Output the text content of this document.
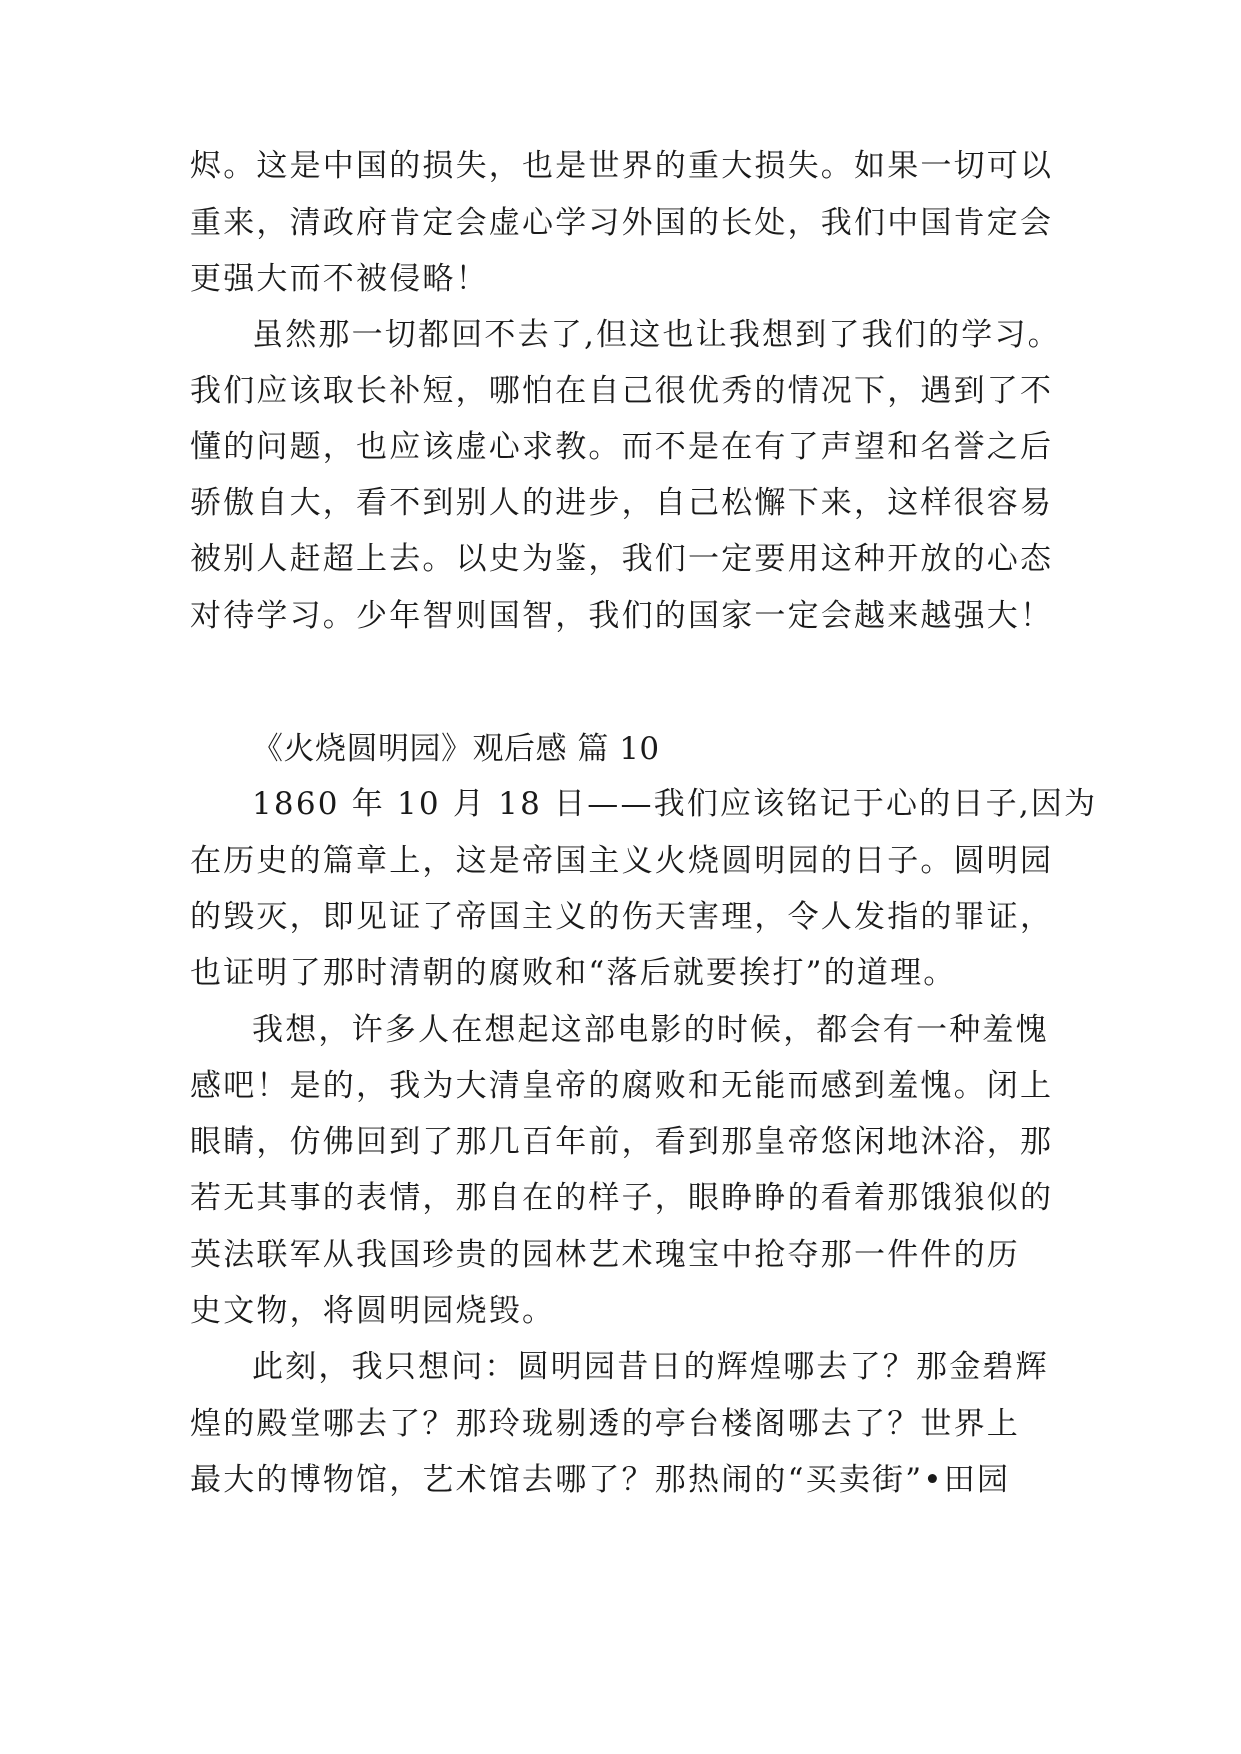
烬。这是中国的损失，也是世界的重大损失。如果一切可以
重来，清政府肯定会虚心学习外国的长处，我们中国肯定会
更强大而不被侵略！
虽然那一切都回不去了,但这也让我想到了我们的学习。
我们应该取长补短，哪怕在自己很优秀的情况下，遇到了不
懂的问题，也应该虚心求教。而不是在有了声望和名誉之后
骄傲自大，看不到别人的进步，自己松懈下来，这样很容易
被别人赶超上去。以史为鉴，我们一定要用这种开放的心态
对待学习。少年智则国智，我们的国家一定会越来越强大！
《火烧圆明园》观后感 篇 10
1860 年 10 月 18 日——我们应该铭记于心的日子,因为
在历史的篇章上，这是帝国主义火烧圆明园的日子。圆明园
的毁灭，即见证了帝国主义的伤天害理，令人发指的罪证，
也证明了那时清朝的腐败和“落后就要挨打”的道理。
我想，许多人在想起这部电影的时候，都会有一种羞愧
感吧！是的，我为大清皇帝的腐败和无能而感到羞愧。闭上
眼睛，仿佛回到了那几百年前，看到那皇帝悠闲地沐浴，那
若无其事的表情，那自在的样子，眼睁睁的看着那饿狼似的
英法联军从我国珍贵的园林艺术瑰宝中抢夺那一件件的历
史文物，将圆明园烧毁。
此刻，我只想问：圆明园昔日的辉煌哪去了？那金碧辉
煌的殿堂哪去了？那玲珑剔透的亭台楼阁哪去了？世界上
最大的博物馆，艺术馆去哪了？那热闹的“买卖街”•田园
